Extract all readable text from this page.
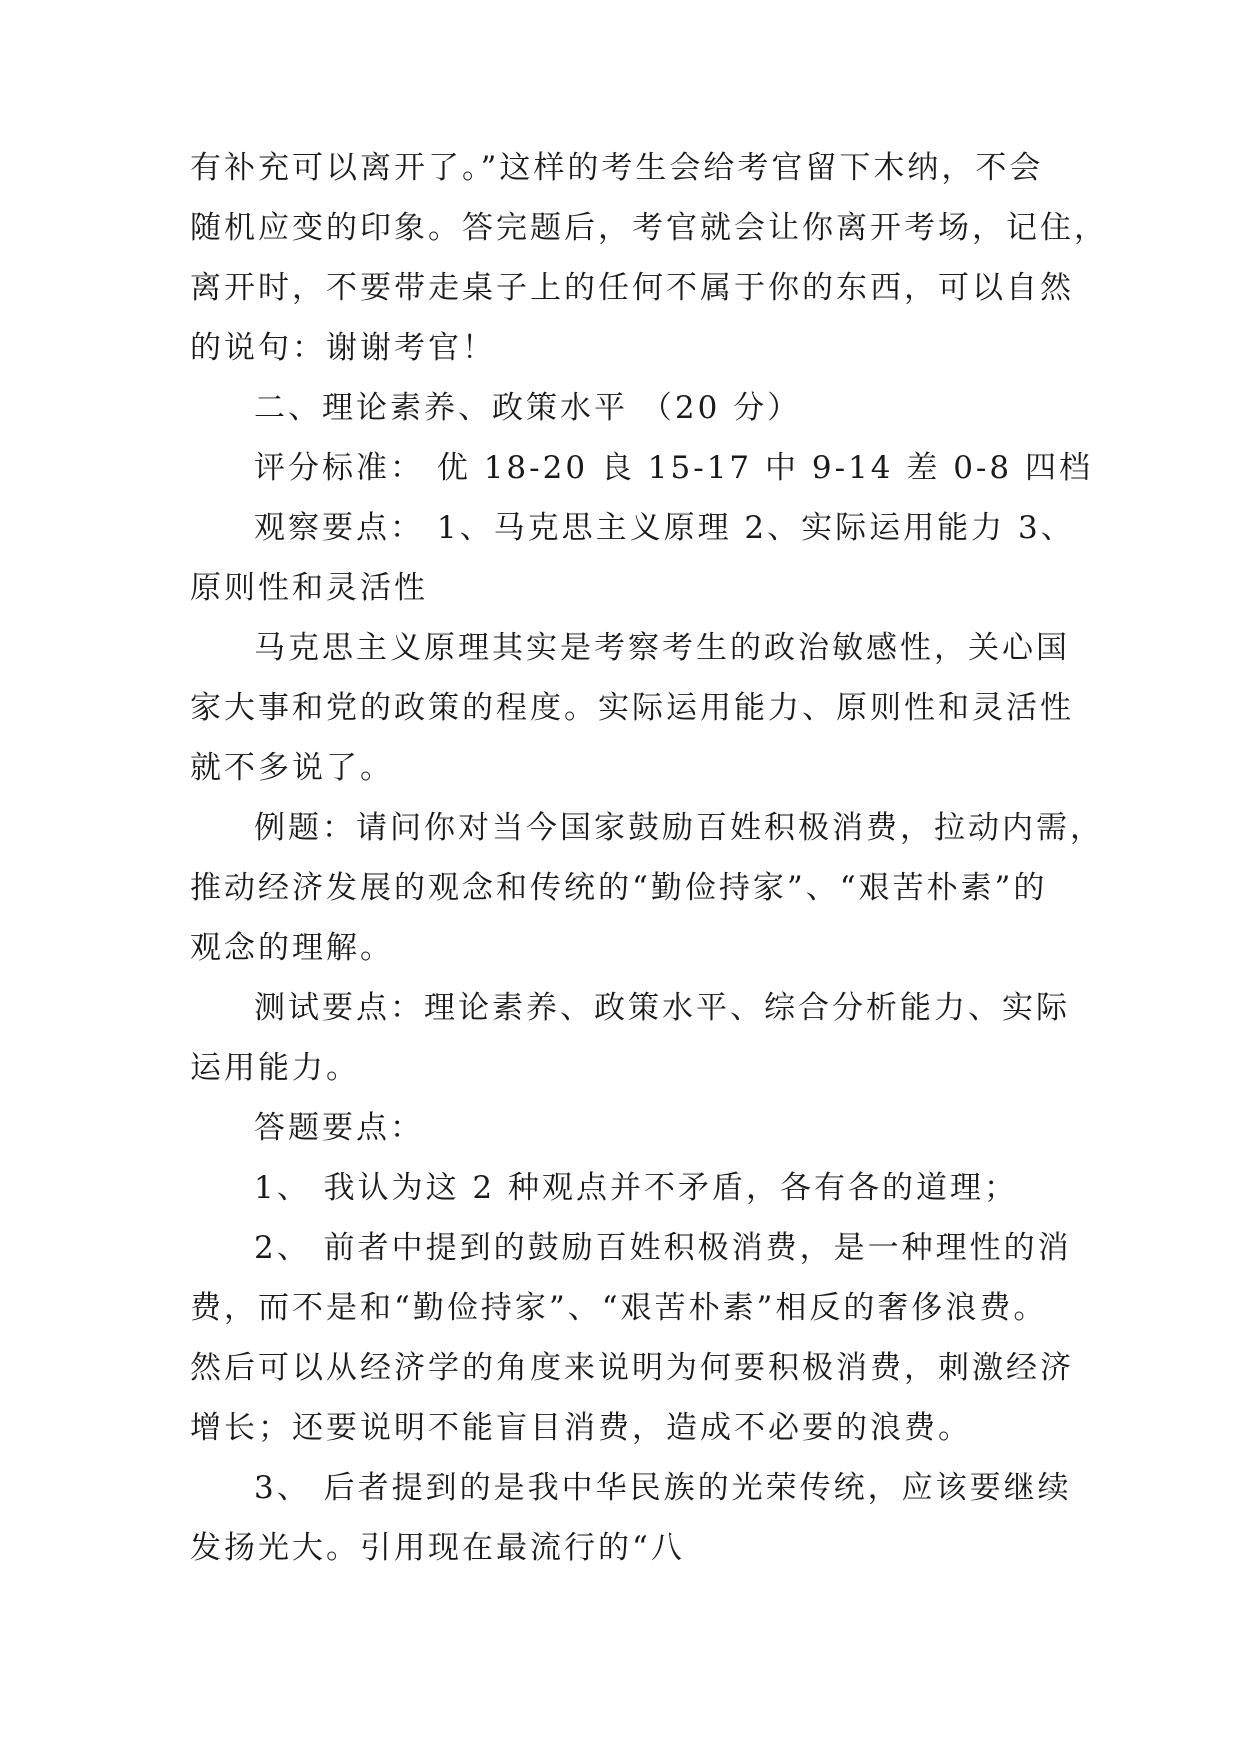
有补充可以离开了。”这样的考生会给考官留下木纳，不会
随机应变的印象。答完题后，考官就会让你离开考场，记住，
离开时，不要带走桌子上的任何不属于你的东西，可以自然
的说句：谢谢考官！
二、理论素养、政策水平 （20 分）
评分标准： 优 18-20 良 15-17 中 9-14 差 0-8 四档
观察要点： 1、马克思主义原理 2、实际运用能力 3、
原则性和灵活性
马克思主义原理其实是考察考生的政治敏感性，关心国
家大事和党的政策的程度。实际运用能力、原则性和灵活性
就不多说了。
例题：请问你对当今国家鼓励百姓积极消费，拉动内需，
推动经济发展的观念和传统的“勤俭持家”、“艰苦朴素”的
观念的理解。
测试要点：理论素养、政策水平、综合分析能力、实际
运用能力。
答题要点：
1、 我认为这 2 种观点并不矛盾，各有各的道理；
2、 前者中提到的鼓励百姓积极消费，是一种理性的消
费，而不是和“勤俭持家”、“艰苦朴素”相反的奢侈浪费。
然后可以从经济学的角度来说明为何要积极消费，刺激经济
增长；还要说明不能盲目消费，造成不必要的浪费。
3、 后者提到的是我中华民族的光荣传统，应该要继续
发扬光大。引用现在最流行的“八
